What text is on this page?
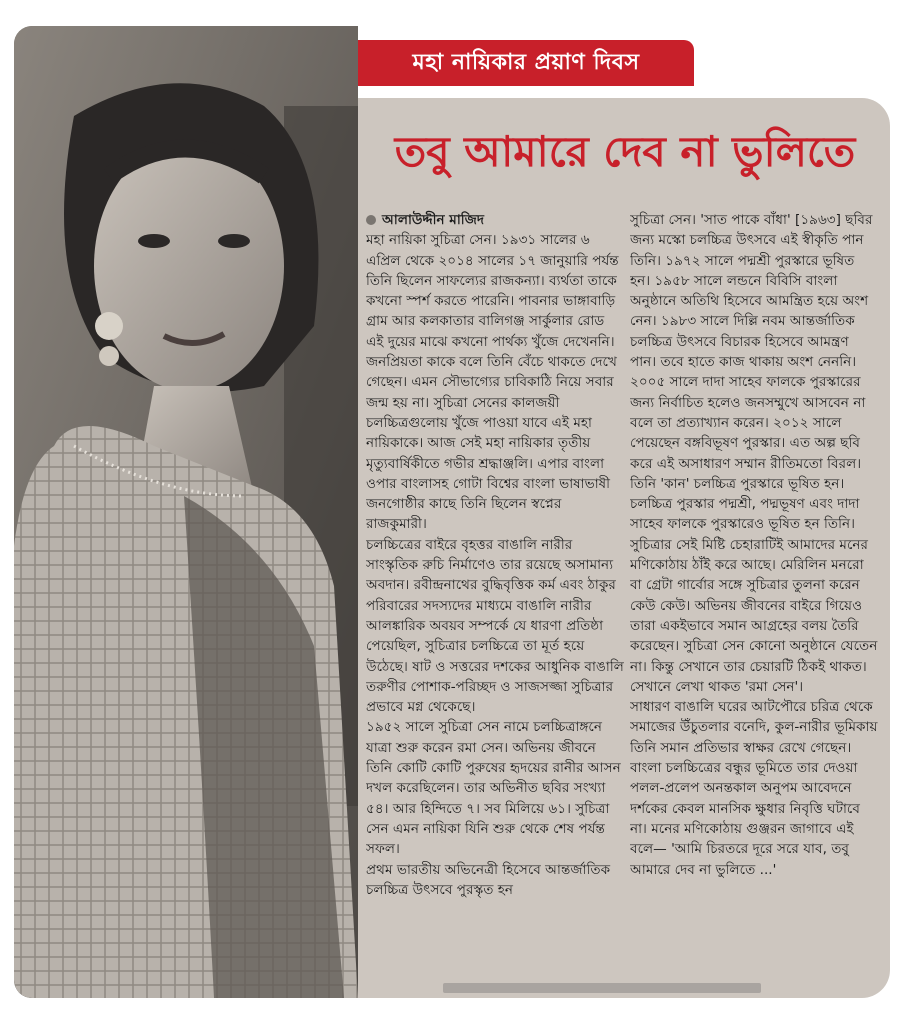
মহা নায়িকার প্রয়াণ দিবস
তবু আমারে দেব না ভুলিতে

আলাউদ্দীন মাজিদ

মহা নায়িকা সুচিত্রা সেন। ১৯৩১ সালের ৬ এপ্রিল থেকে ২০১৪ সালের ১৭ জানুয়ারি পর্যন্ত তিনি ছিলেন সাফল্যের রাজকন্যা। ব্যর্থতা তাকে কখনো স্পর্শ করতে পারেনি। পাবনার ভাঙ্গাবাড়ি গ্রাম আর কলকাতার বালিগঞ্জ সার্কুলার রোড এই দুয়ের মাঝে কখনো পার্থক্য খুঁজে দেখেননি। জনপ্রিয়তা কাকে বলে তিনি বেঁচে থাকতে দেখে গেছেন। এমন সৌভাগ্যের চাবিকাঠি নিয়ে সবার জন্ম হয় না। সুচিত্রা সেনের কালজয়ী চলচ্চিত্রগুলোয় খুঁজে পাওয়া যাবে এই মহা নায়িকাকে। আজ সেই মহা নায়িকার তৃতীয় মৃত্যুবার্ষিকীতে গভীর শ্রদ্ধাঞ্জলি। এপার বাংলা ওপার বাংলাসহ গোটা বিশ্বের বাংলা ভাষাভাষী জনগোষ্ঠীর কাছে তিনি ছিলেন স্বপ্নের রাজকুমারী।

চলচ্চিত্রের বাইরে বৃহত্তর বাঙালি নারীর সাংস্কৃতিক রুচি নির্মাণেও তার রয়েছে অসামান্য অবদান। রবীন্দ্রনাথের বুদ্ধিবৃত্তিক কর্ম এবং ঠাকুর পরিবারের সদস্যদের মাধ্যমে বাঙালি নারীর আলঙ্কারিক অবয়ব সম্পর্কে যে ধারণা প্রতিষ্ঠা পেয়েছিল, সুচিত্রার চলচ্চিত্রে তা মূর্ত হয়ে উঠেছে। ষাট ও সত্তরের দশকের আধুনিক বাঙালি তরুণীর পোশাক-পরিচ্ছদ ও সাজসজ্জা সুচিত্রার প্রভাবে মগ্ন থেকেছে।

১৯৫২ সালে সুচিত্রা সেন নামে চলচ্চিত্রাঙ্গনে যাত্রা শুরু করেন রমা সেন। অভিনয় জীবনে তিনি কোটি কোটি পুরুষের হৃদয়ের রানীর আসন দখল করেছিলেন। তার অভিনীত ছবির সংখ্যা ৫৪। আর হিন্দিতে ৭। সব মিলিয়ে ৬১। সুচিত্রা সেন এমন নায়িকা যিনি শুরু থেকে শেষ পর্যন্ত সফল।

প্রথম ভারতীয় অভিনেত্রী হিসেবে আন্তর্জাতিক চলচ্চিত্র উৎসবে পুরস্কৃত হন

সুচিত্রা সেন। 'সাত পাকে বাঁধা' [১৯৬৩] ছবির জন্য মস্কো চলচ্চিত্র উৎসবে এই স্বীকৃতি পান তিনি। ১৯৭২ সালে পদ্মশ্রী পুরস্কারে ভূষিত হন। ১৯৫৮ সালে লন্ডনে বিবিসি বাংলা অনুষ্ঠানে অতিথি হিসেবে আমন্ত্রিত হয়ে অংশ নেন। ১৯৮৩ সালে দিল্লি নবম আন্তর্জাতিক চলচ্চিত্র উৎসবে বিচারক হিসেবে আমন্ত্রণ পান। তবে হাতে কাজ থাকায় অংশ নেননি। ২০০৫ সালে দাদা সাহেব ফালকে পুরস্কারের জন্য নির্বাচিত হলেও জনসম্মুখে আসবেন না বলে তা প্রত্যাখ্যান করেন। ২০১২ সালে পেয়েছেন বঙ্গবিভূষণ পুরস্কার। এত অল্প ছবি করে এই অসাধারণ সম্মান রীতিমতো বিরল। তিনি 'কান' চলচ্চিত্র পুরস্কারে ভূষিত হন। চলচ্চিত্র পুরস্কার পদ্মশ্রী, পদ্মভূষণ এবং দাদা সাহেব ফালকে পুরস্কারেও ভূষিত হন তিনি।

সুচিত্রার সেই মিষ্টি চেহারাটিই আমাদের মনের মণিকোঠায় ঠাঁই করে আছে। মেরিলিন মনরো বা গ্রেটা গার্বোর সঙ্গে সুচিত্রার তুলনা করেন কেউ কেউ। অভিনয় জীবনের বাইরে গিয়েও তারা একইভাবে সমান আগ্রহের বলয় তৈরি করেছেন। সুচিত্রা সেন কোনো অনুষ্ঠানে যেতেন না। কিন্তু সেখানে তার চেয়ারটি ঠিকই থাকত। সেখানে লেখা থাকত 'রমা সেন'।

সাধারণ বাঙালি ঘরের আটপৌরে চরিত্র থেকে সমাজের উঁচুতলার বনেদি, কুল-নারীর ভূমিকায় তিনি সমান প্রতিভার স্বাক্ষর রেখে গেছেন। বাংলা চলচ্চিত্রের বন্ধুর ভূমিতে তার দেওয়া পলল-প্রলেপ অনন্তকাল অনুপম আবেদনে দর্শকের কেবল মানসিক ক্ষুধার নিবৃত্তি ঘটাবে না। মনের মণিকোঠায় গুঞ্জরন জাগাবে এই বলে— 'আমি চিরতরে দূরে সরে যাব, তবু আমারে দেব না ভুলিতে ...'
